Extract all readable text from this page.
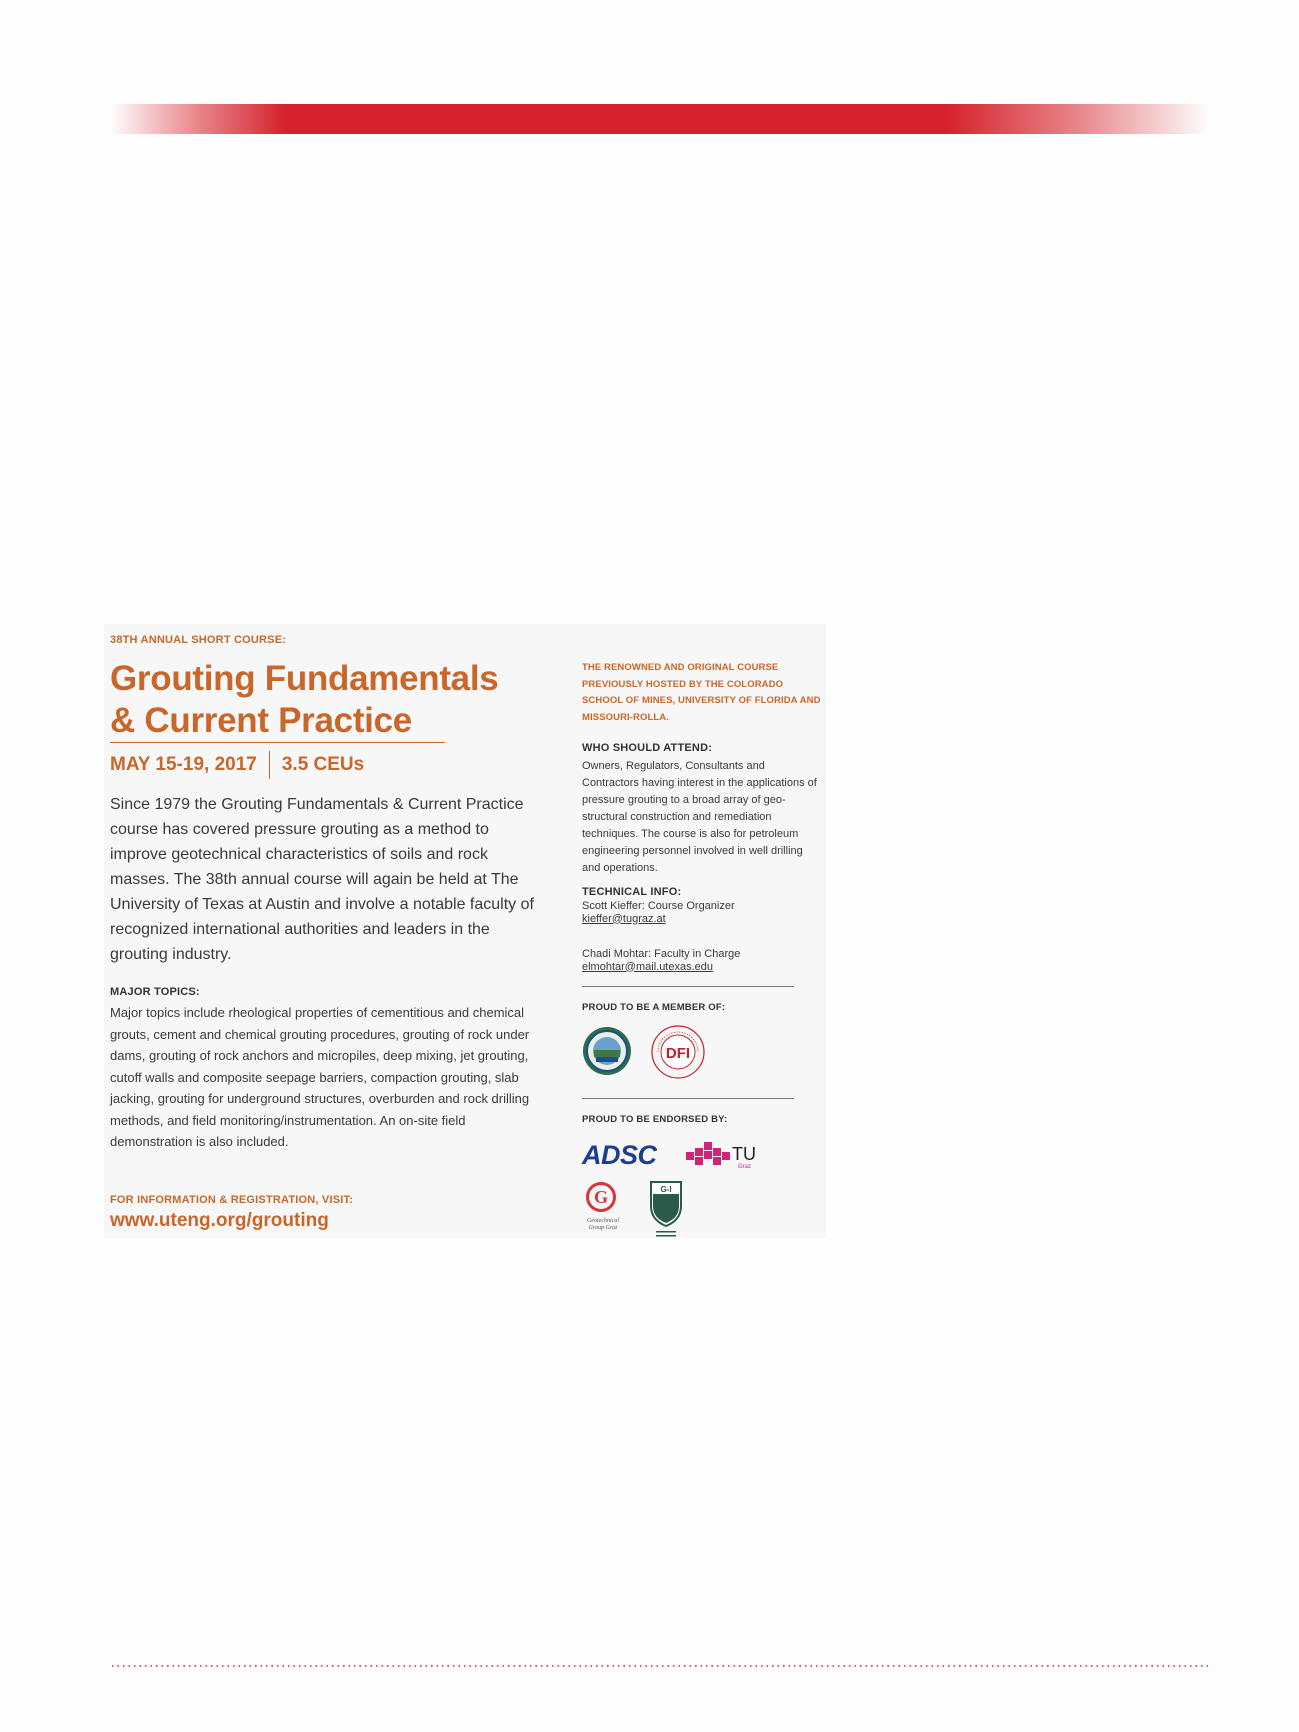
38TH ANNUAL SHORT COURSE:
Grouting Fundamentals
& Current Practice
MAY 15-19, 2017 3.5 CEUs

Since 1979 the Grouting Fundamentals & Current Practice course has covered pressure grouting as a method to improve geotechnical characteristics of soils and rock masses. The 38th annual course will again be held at The University of Texas at Austin and involve a notable faculty of recognized international authorities and leaders in the grouting industry.

MAJOR TOPICS:

Major topics include rheological properties of cementitious and chemical grouts, cement and chemical grouting procedures, grouting of rock under dams, grouting of rock anchors and micropiles, deep mixing, jet grouting, cutoff walls and composite seepage barriers, compaction grouting, slab jacking, grouting for underground structures, overburden and rock drilling methods, and field monitoring/instrumentation. An on-site field demonstration is also included.

FOR INFORMATION & REGISTRATION, VISIT:
www.uteng.org/grouting
THE RENOWNED AND ORIGINAL COURSE PREVIOUSLY HOSTED BY THE COLORADO SCHOOL OF MINES, UNIVERSITY OF FLORIDA AND MISSOURI-ROLLA.
WHO SHOULD ATTEND:

Owners, Regulators, Consultants and Contractors having interest in the applications of pressure grouting to a broad array of geo-structural construction and remediation techniques. The course is also for petroleum engineering personnel involved in well drilling and operations.

TECHNICAL INFO:
Scott Kieffer: Course Organizer
kieffer@tugraz.at
Chadi Mohtar: Faculty in Charge
elmohtar@mail.utexas.edu
PROUD TO BE A MEMBER OF:
DFI
PROUD TO BE ENDORSED BY:
ADSC	TU
Graz
G
Geotechnical
Group Graz
G-I
